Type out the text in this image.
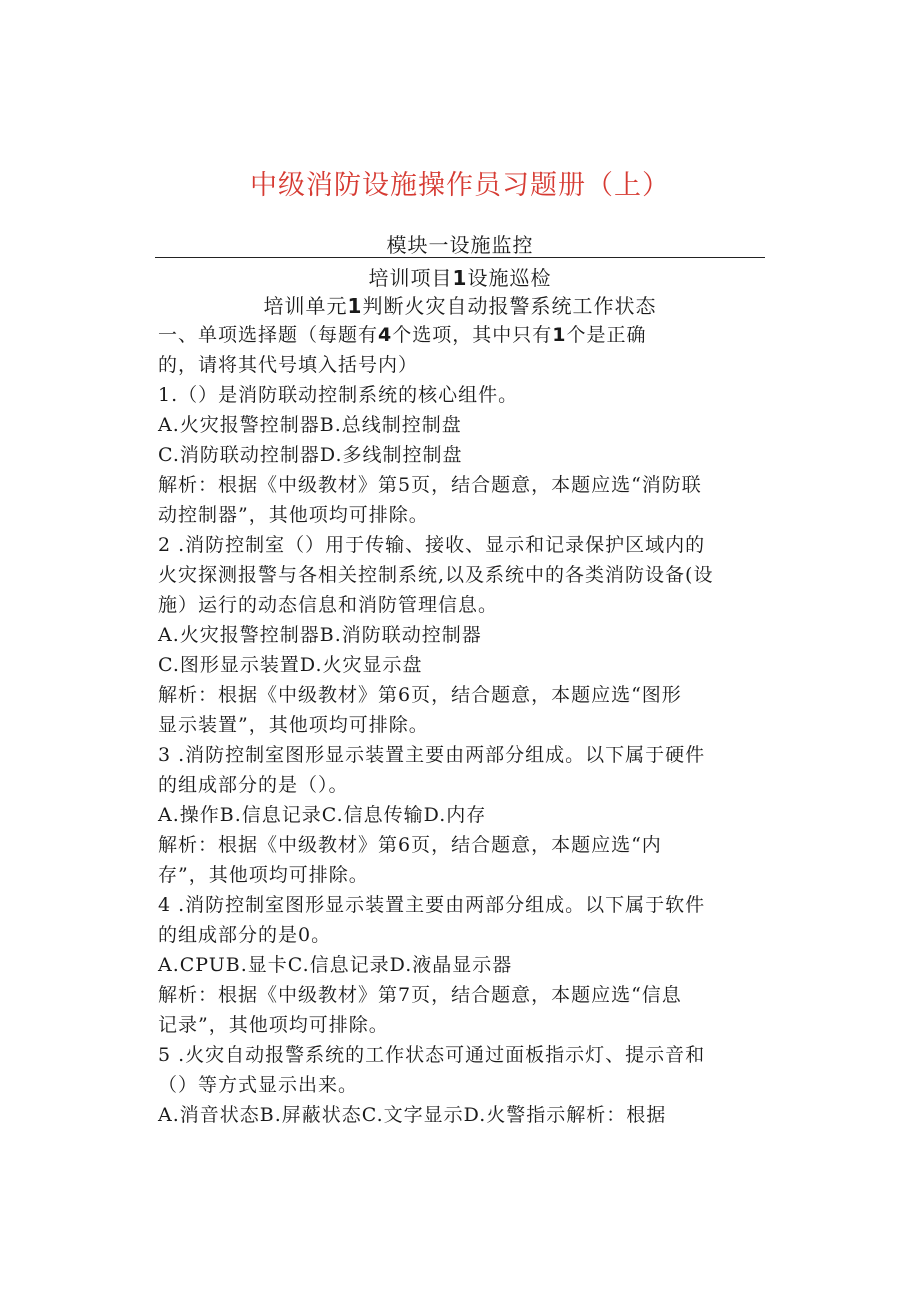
中级消防设施操作员习题册（上）
模块一设施监控
培训项目1设施巡检
培训单元1判断火灾自动报警系统工作状态
一、单项选择题（每题有4个选项，其中只有1个是正确
的，请将其代号填入括号内）
1.（）是消防联动控制系统的核心组件。
A.火灾报警控制器B.总线制控制盘
C.消防联动控制器D.多线制控制盘
解析：根据《中级教材》第5页，结合题意，本题应选“消防联
动控制器”，其他项均可排除。
2 .消防控制室（）用于传输、接收、显示和记录保护区域内的
火灾探测报警与各相关控制系统,以及系统中的各类消防设备(设
施）运行的动态信息和消防管理信息。
A.火灾报警控制器B.消防联动控制器
C.图形显示装置D.火灾显示盘
解析：根据《中级教材》第6页，结合题意，本题应选“图形
显示装置”，其他项均可排除。
3 .消防控制室图形显示装置主要由两部分组成。以下属于硬件
的组成部分的是（）。
A.操作B.信息记录C.信息传输D.内存
解析：根据《中级教材》第6页，结合题意，本题应选“内
存”，其他项均可排除。
4 .消防控制室图形显示装置主要由两部分组成。以下属于软件
的组成部分的是0。
A.CPUB.显卡C.信息记录D.液晶显示器
解析：根据《中级教材》第7页，结合题意，本题应选“信息
记录”，其他项均可排除。
5 .火灾自动报警系统的工作状态可通过面板指示灯、提示音和
（）等方式显示出来。
A.消音状态B.屏蔽状态C.文字显示D.火警指示解析：根据
